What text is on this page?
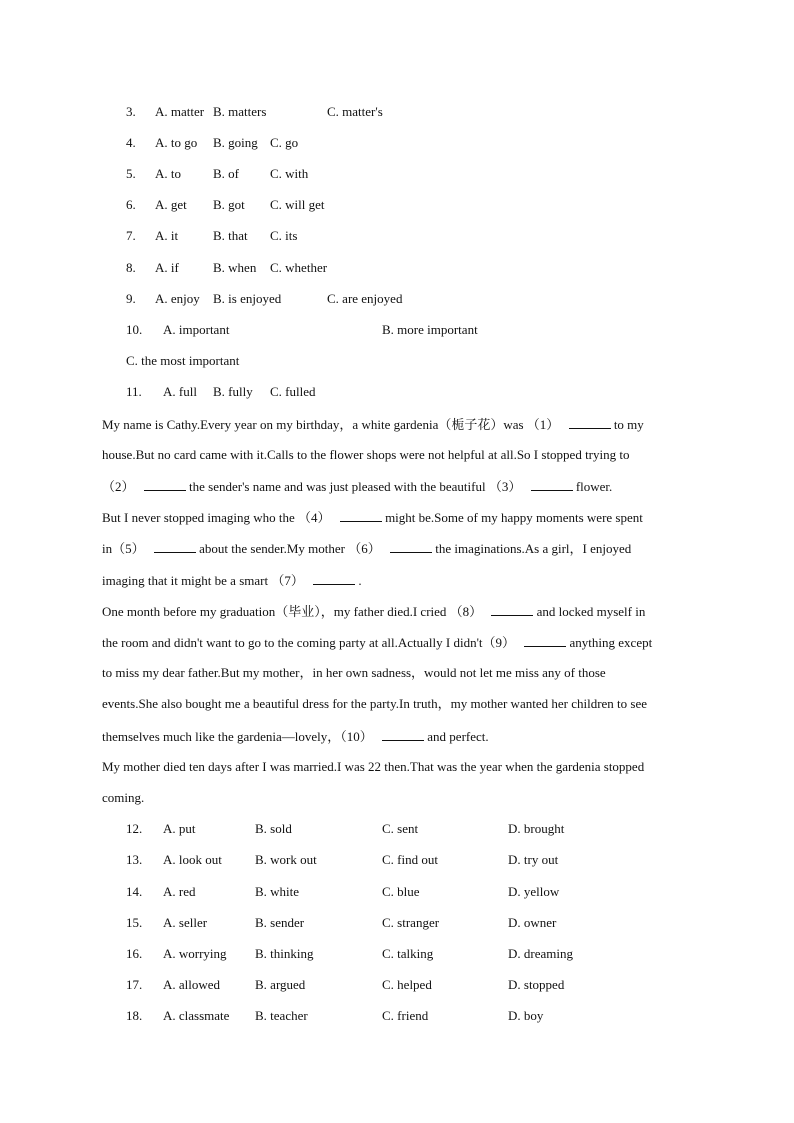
3. A. matter B. matters	C. matter's
4. A. to go B. going C. go
5. A. to B. of C. with
6. A. get B. got C. will get
7. A. it	B. that C. its
8. A. if	B. when C. whether
9. A. enjoy B. is enjoyed	C. are enjoyed
10. A. important	B. more important
C. the most important
11. A. full B. fully C. fulled
My name is Cathy.Every year on my birthday，a white gardenia（栀子花）was （1）	to my
house.But no card came with it.Calls to the flower shops were not helpful at all.So I stopped trying to
（2）	the sender's name and was just pleased with the beautiful （3）	flower.
But I never stopped imaging who the （4）	might be.Some of my happy moments were spent
in（5）	about the sender.My mother （6）	the imaginations.As a girl，I enjoyed
imaging that it might be a smart （7）	.
One month before my graduation（毕业），my father died.I cried （8）	and locked myself in
the room and didn't want to go to the coming party at all.Actually I didn't（9）	anything except
to miss my dear father.But my mother，in her own sadness，would not let me miss any of those
events.She also bought me a beautiful dress for the party.In truth，my mother wanted her children to see
themselves much like the gardenia—lovely，（10）	and perfect.
My mother died ten days after I was married.I was 22 then.That was the year when the gardenia stopped
coming.
12. A. put	B. sold	C. sent	D. brought
13. A. look out	B. work out	C. find out	D. try out
14. A. red	B. white	C. blue	D. yellow
15. A. seller	B. sender	C. stranger	D. owner
16. A. worrying B. thinking	C. talking	D. dreaming
17. A. allowed	B. argued	C. helped	D. stopped
18. A. classmate B. teacher	C. friend	D. boy
